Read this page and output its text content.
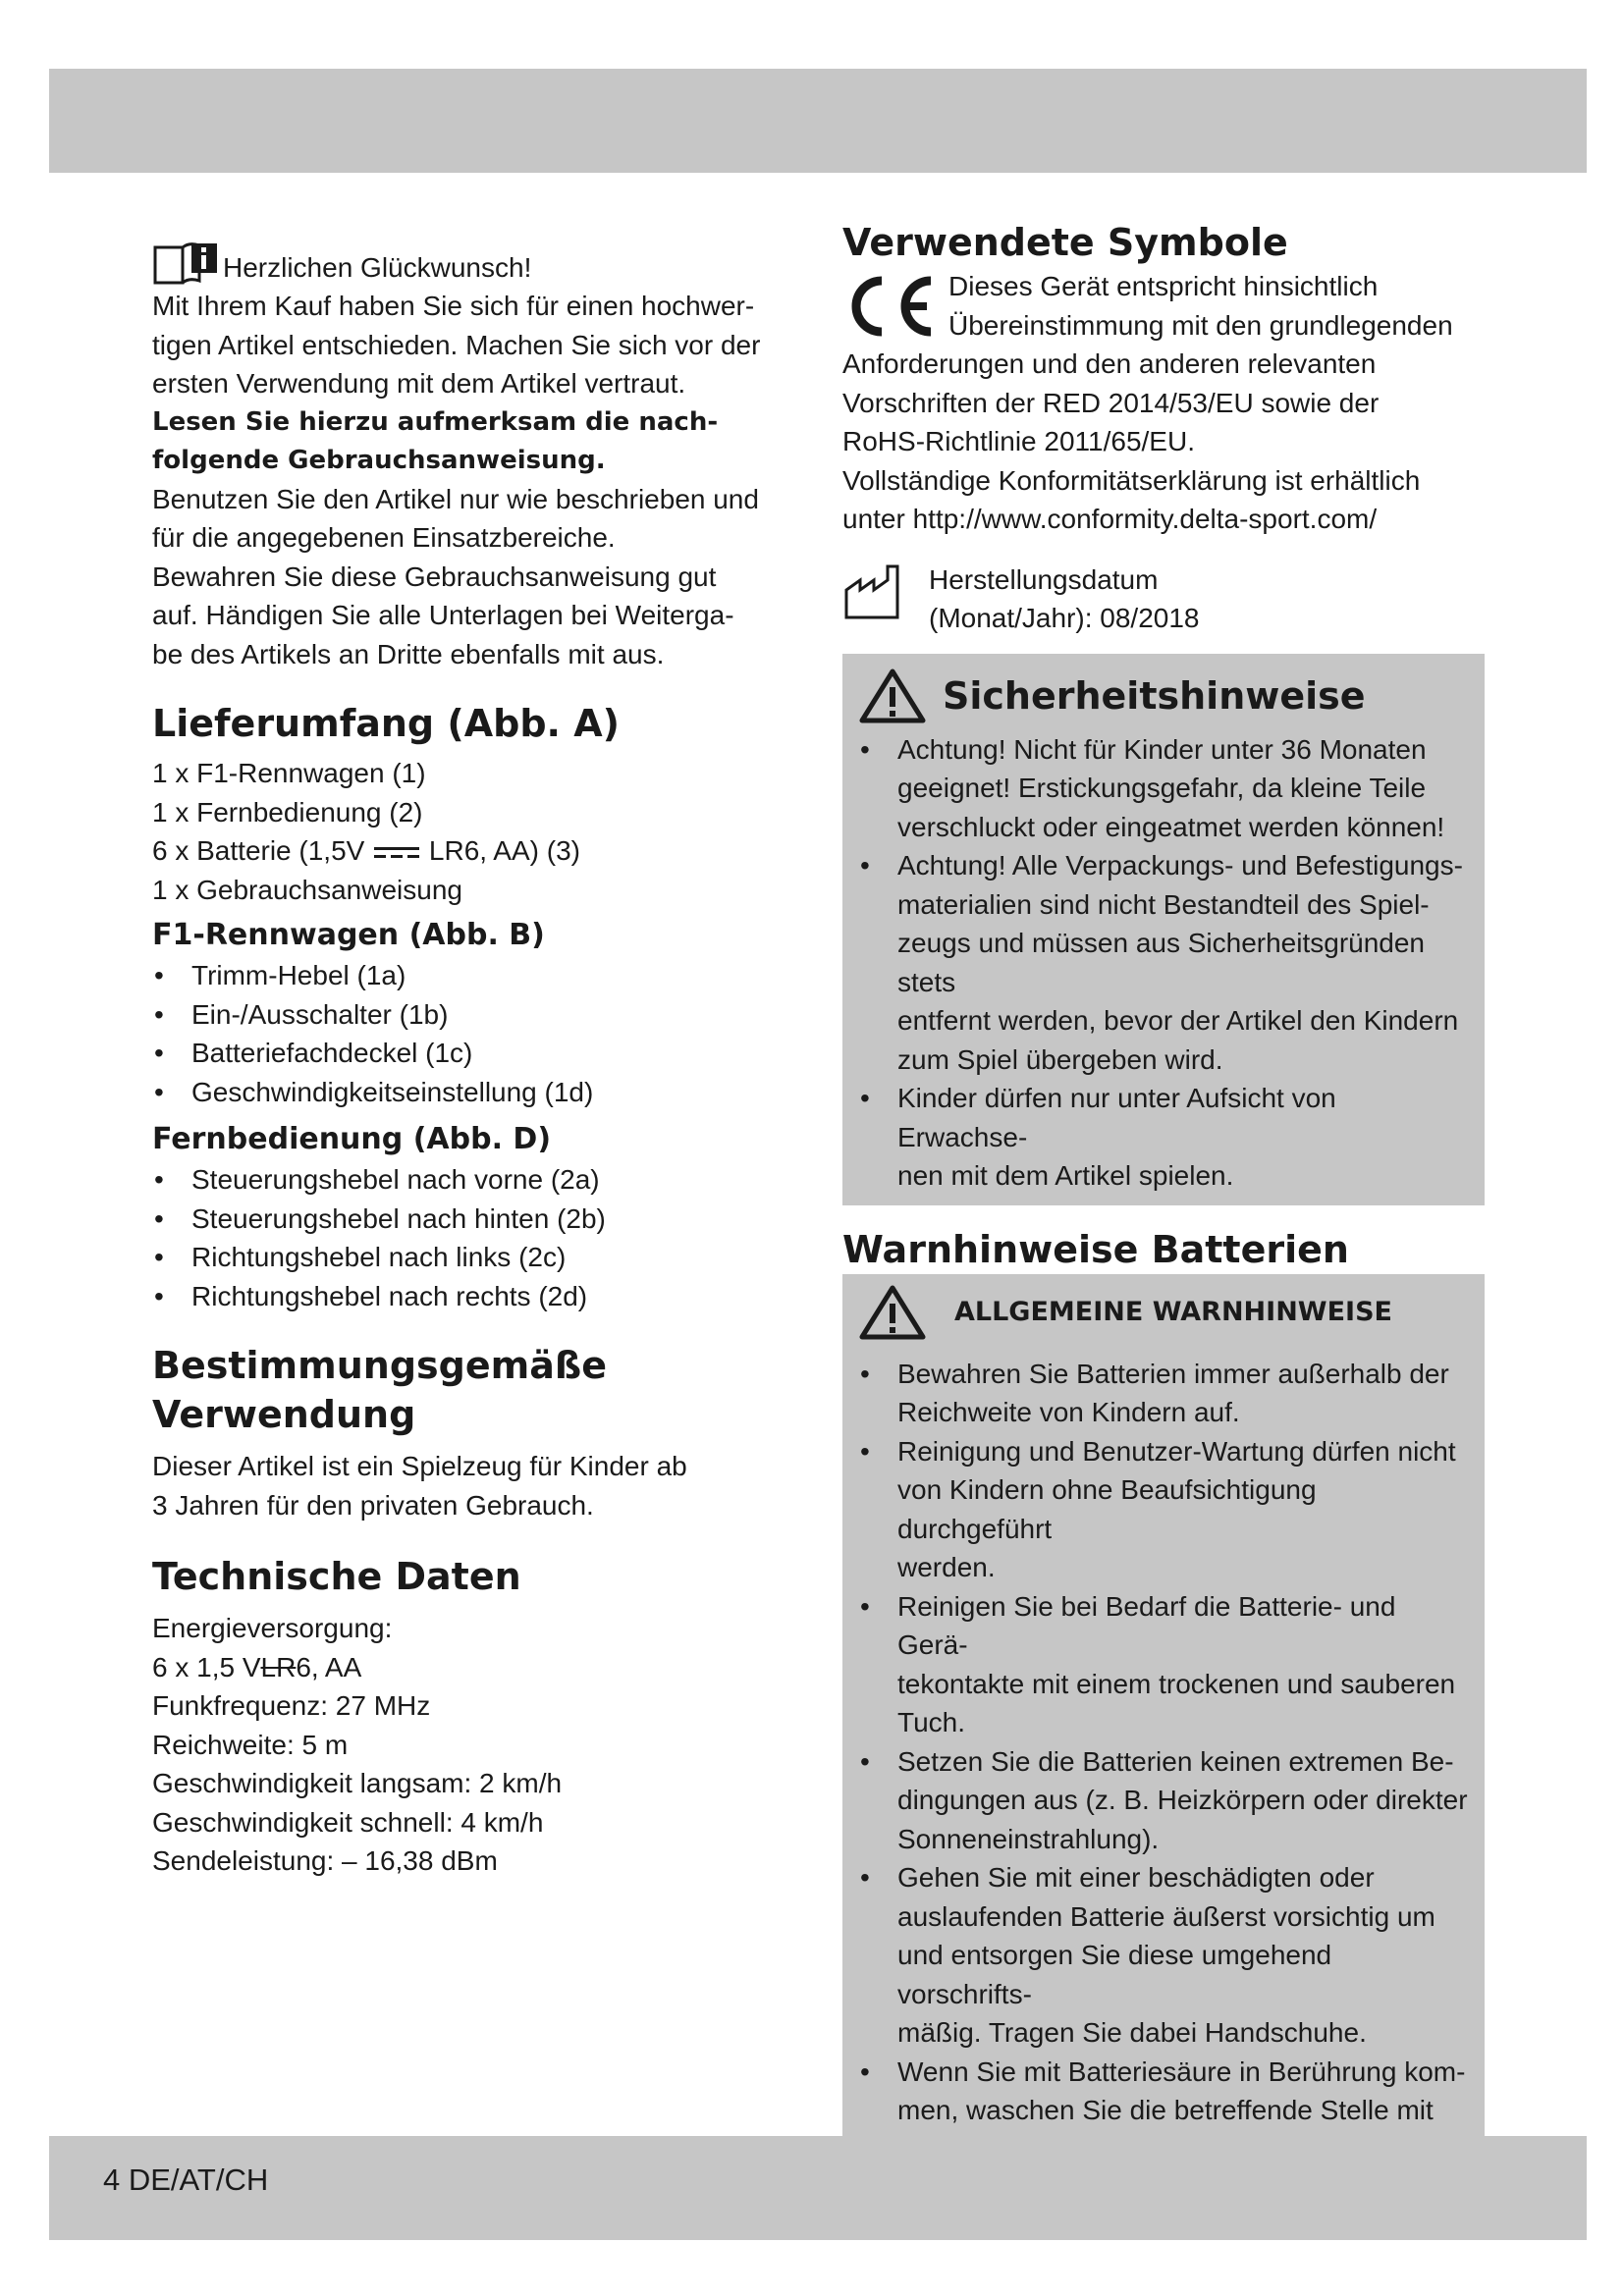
Herzlichen Glückwunsch!

Mit Ihrem Kauf haben Sie sich für einen hochwer-

tigen Artikel entschieden. Machen Sie sich vor der

ersten Verwendung mit dem Artikel vertraut.

Lesen Sie hierzu aufmerksam die nach-

folgende Gebrauchsanweisung.

Benutzen Sie den Artikel nur wie beschrieben und

für die angegebenen Einsatzbereiche.

Bewahren Sie diese Gebrauchsanweisung gut

auf. Händigen Sie alle Unterlagen bei Weiterga-

be des Artikels an Dritte ebenfalls mit aus.

Lieferumfang (Abb. A)

1 x F1-Rennwagen (1)

1 x Fernbedienung (2)

6 x Batterie (1,5V LR6, AA) (3)

1 x Gebrauchsanweisung

F1-Rennwagen (Abb. B)
• Trimm-Hebel (1a)
• Ein-/Ausschalter (1b)
• Batteriefachdeckel (1c)
• Geschwindigkeitseinstellung (1d)
Fernbedienung (Abb. D)
• Steuerungshebel nach vorne (2a)
• Steuerungshebel nach hinten (2b)
• Richtungshebel nach links (2c)
• Richtungshebel nach rechts (2d)
Bestimmungsgemäße
Verwendung

Dieser Artikel ist ein Spielzeug für Kinder ab

3 Jahren für den privaten Gebrauch.

Technische Daten

Energieversorgung:

6 x 1,5 VLR6, AA

Funkfrequenz: 27 MHz

Reichweite: 5 m

Geschwindigkeit langsam: 2 km/h

Geschwindigkeit schnell: 4 km/h

Sendeleistung: – 16,38 dBm

Verwendete Symbole

Dieses Gerät entspricht hinsichtlich

Übereinstimmung mit den grundlegenden

Anforderungen und den anderen relevanten

Vorschriften der RED 2014/53/EU sowie der

RoHS-Richtlinie 2011/65/EU.

Vollständige Konformitätserklärung ist erhältlich

unter http://www.conformity.delta-sport.com/

Herstellungsdatum

(Monat/Jahr): 08/2018

Sicherheitshinweise
• Achtung! Nicht für Kinder unter 36 Monaten
geeignet! Erstickungsgefahr, da kleine Teile
verschluckt oder eingeatmet werden können!
• Achtung! Alle Verpackungs- und Befestigungs-
materialien sind nicht Bestandteil des Spiel-
zeugs und müssen aus Sicherheitsgründen stets
entfernt werden, bevor der Artikel den Kindern
zum Spiel übergeben wird.
• Kinder dürfen nur unter Aufsicht von Erwachse-
nen mit dem Artikel spielen.
Warnhinweise Batterien
ALLGEMEINE WARNHINWEISE
• Bewahren Sie Batterien immer außerhalb der
Reichweite von Kindern auf.
• Reinigung und Benutzer-Wartung dürfen nicht
von Kindern ohne Beaufsichtigung durchgeführt
werden.
• Reinigen Sie bei Bedarf die Batterie- und Gerä-
tekontakte mit einem trockenen und sauberen
Tuch.
• Setzen Sie die Batterien keinen extremen Be-
dingungen aus (z. B. Heizkörpern oder direkter
Sonneneinstrahlung).
• Gehen Sie mit einer beschädigten oder
auslaufenden Batterie äußerst vorsichtig um
und entsorgen Sie diese umgehend vorschrifts-
mäßig. Tragen Sie dabei Handschuhe.
• Wenn Sie mit Batteriesäure in Berührung kom-
men, waschen Sie die betreffende Stelle mit

4 DE/AT/CH
